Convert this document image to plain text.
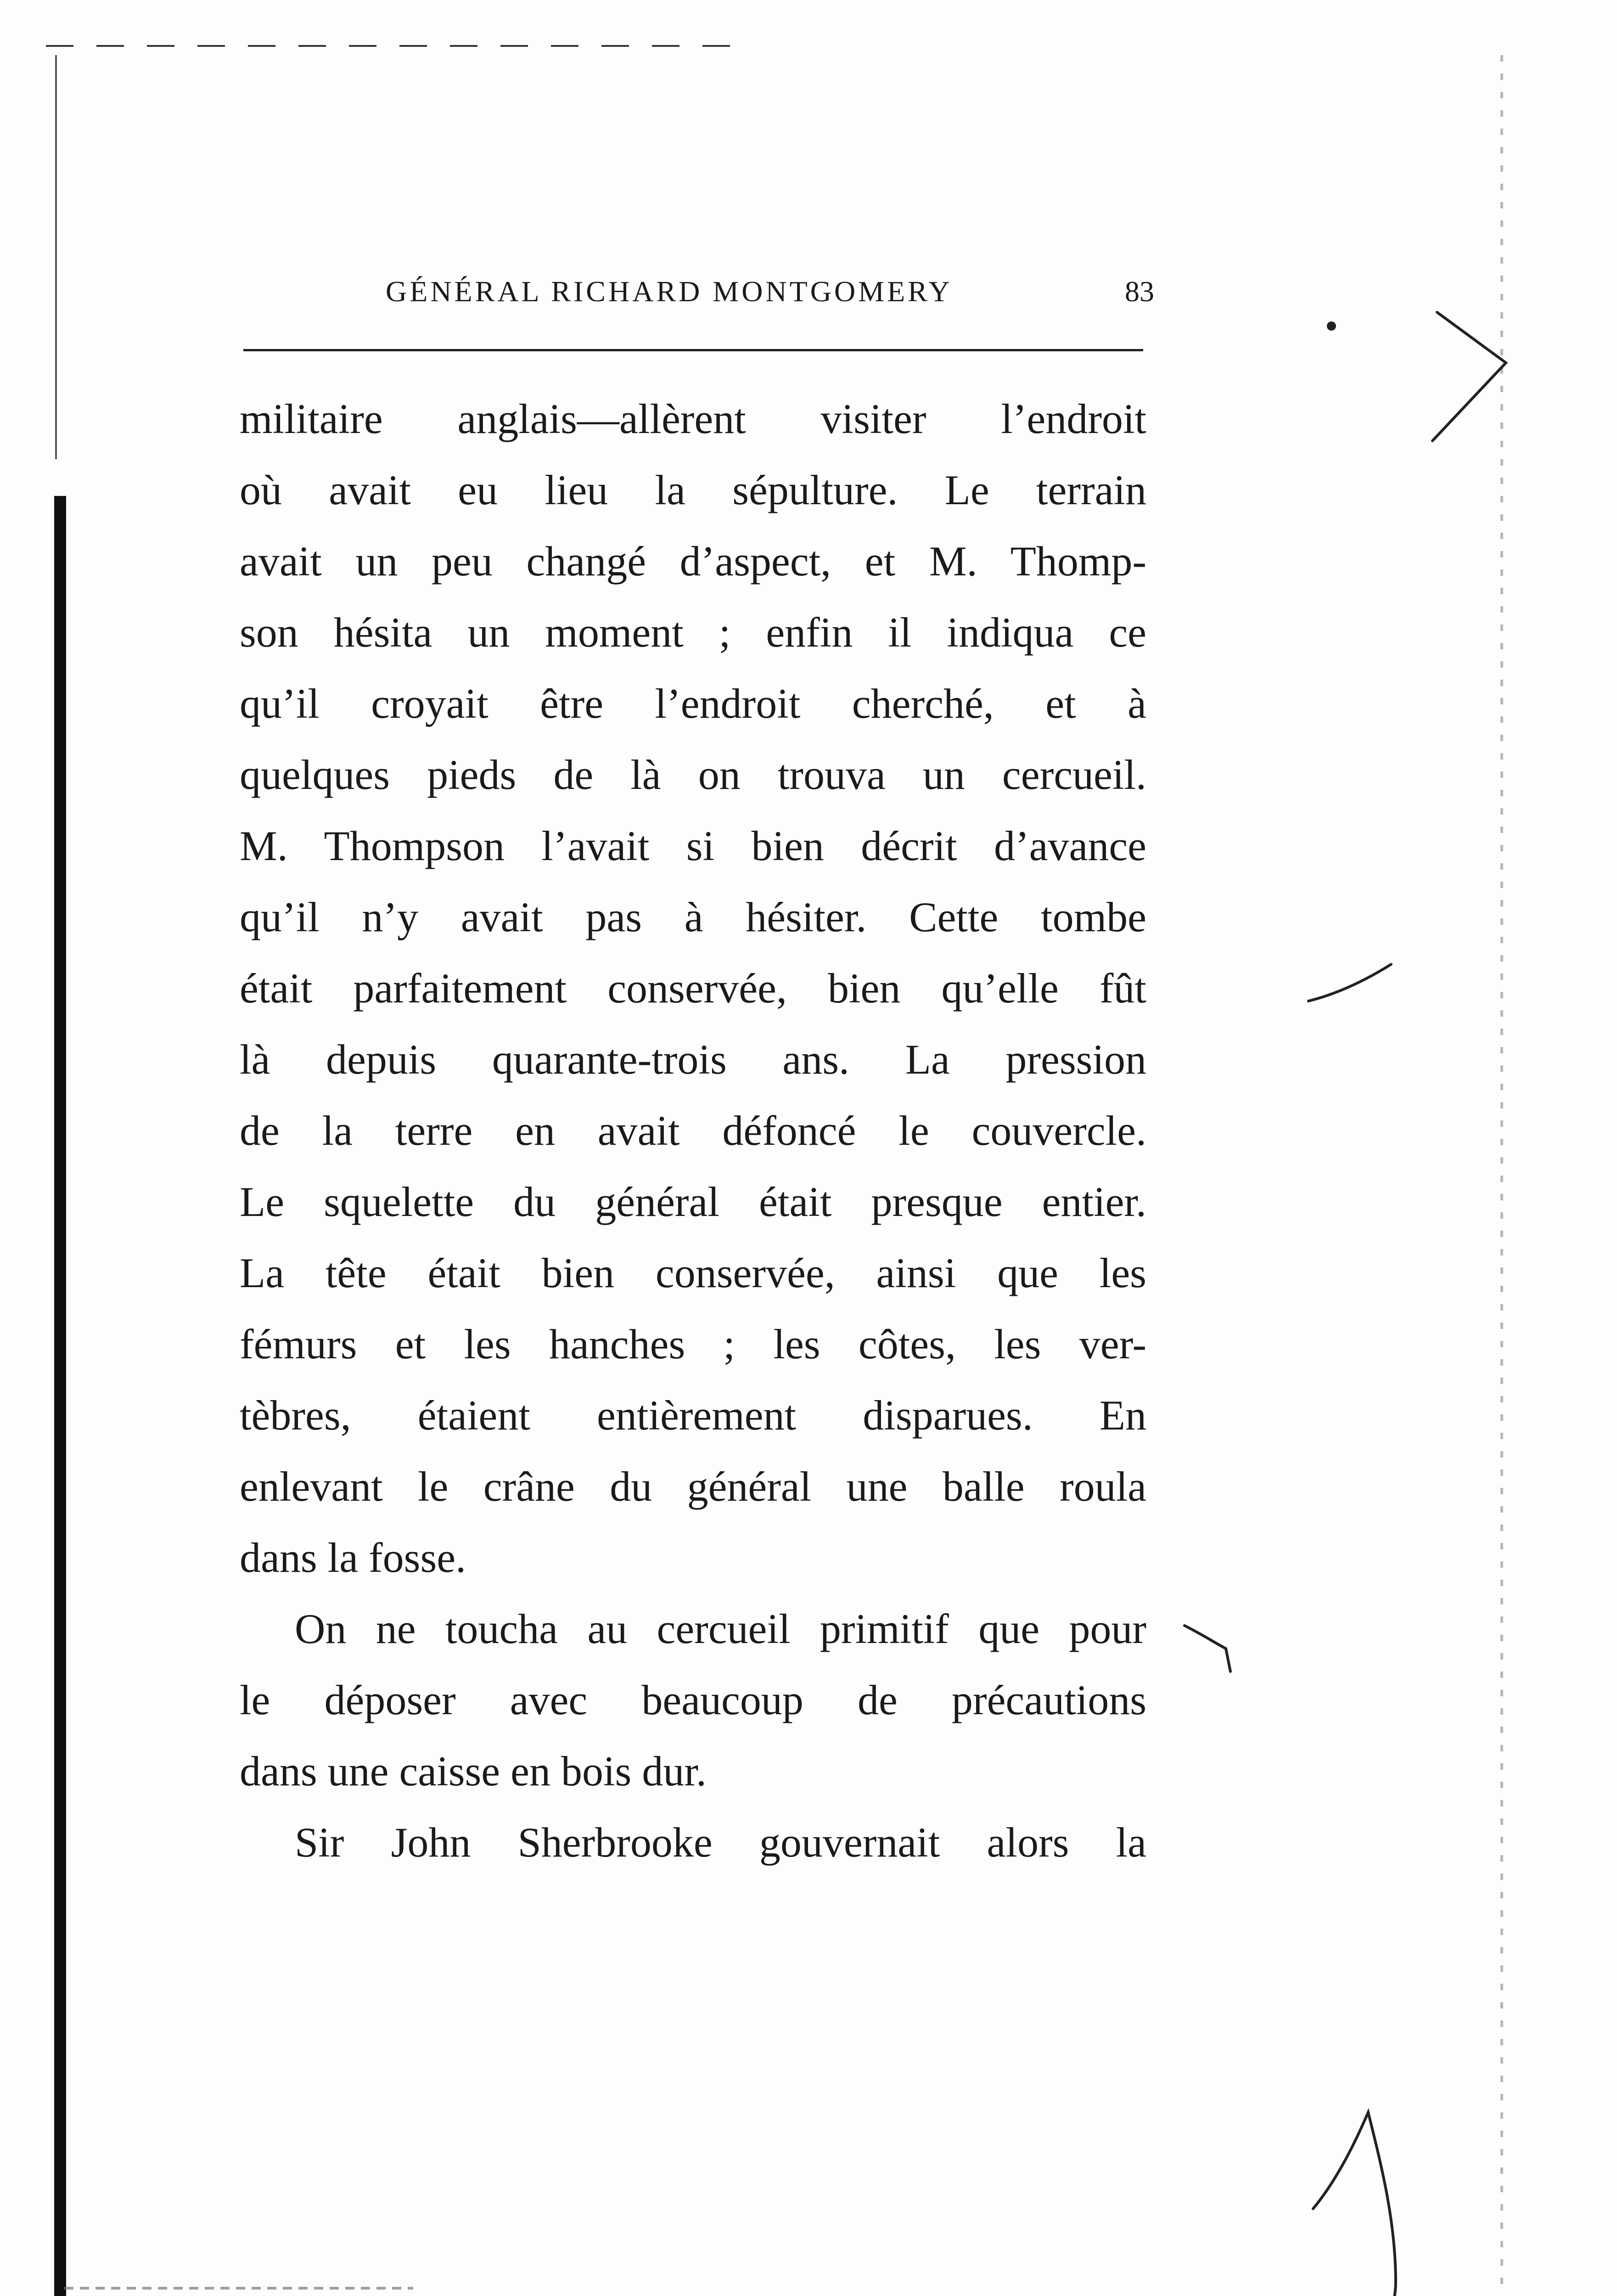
GÉNÉRAL RICHARD MONTGOMERY	83
militaire anglais—allèrent visiter l’endroit
où avait eu lieu la sépulture. Le terrain
avait un peu changé d’aspect, et M. Thomp-
son hésita un moment ; enfin il indiqua ce
qu’il croyait être l’endroit cherché, et à
quelques pieds de là on trouva un cercueil.
M. Thompson l’avait si bien décrit d’avance
qu’il n’y avait pas à hésiter. Cette tombe
était parfaitement conservée, bien qu’elle fût
là depuis quarante-trois ans. La pression
de la terre en avait défoncé le couvercle.
Le squelette du général était presque entier.
La tête était bien conservée, ainsi que les
fémurs et les hanches ; les côtes, les ver-
tèbres, étaient entièrement disparues. En
enlevant le crâne du général une balle roula
dans la fosse.
On ne toucha au cercueil primitif que pour
le déposer avec beaucoup de précautions
dans une caisse en bois dur.
Sir John Sherbrooke gouvernait alors la
